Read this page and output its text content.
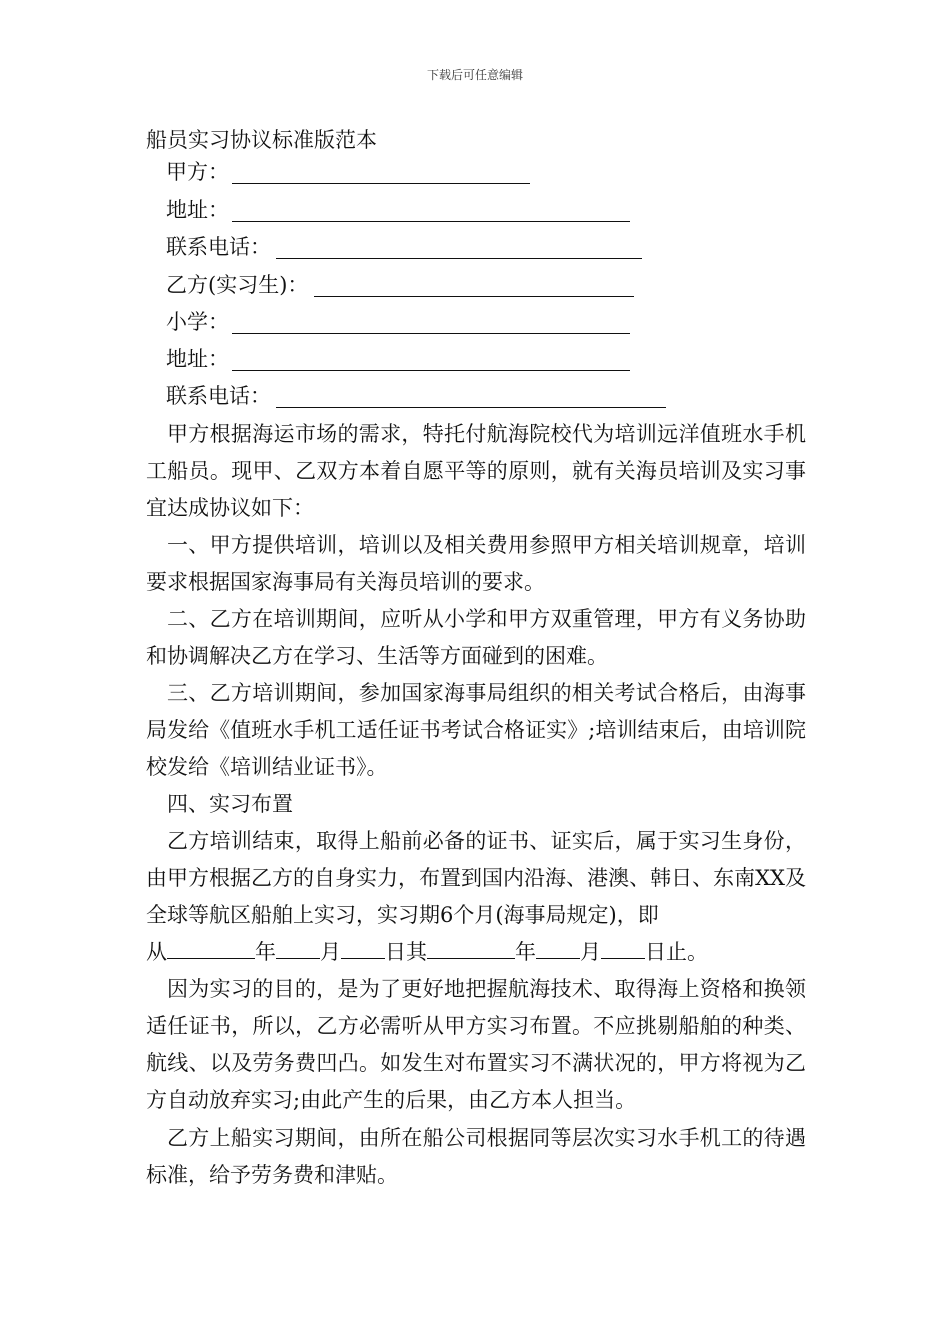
下载后可任意编辑
船员实习协议标准版范本
甲方：
地址：
联系电话：
乙方(实习生)：
小学：
地址：
联系电话：
甲方根据海运市场的需求，特托付航海院校代为培训远洋值班水手机工船员。现甲、乙双方本着自愿平等的原则，就有关海员培训及实习事宜达成协议如下：
一、甲方提供培训，培训以及相关费用参照甲方相关培训规章，培训要求根据国家海事局有关海员培训的要求。
二、乙方在培训期间，应听从小学和甲方双重管理，甲方有义务协助和协调解决乙方在学习、生活等方面碰到的困难。
三、乙方培训期间，参加国家海事局组织的相关考试合格后，由海事局发给《值班水手机工适任证书考试合格证实》;培训结束后，由培训院校发给《培训结业证书》。
四、实习布置
乙方培训结束，取得上船前必备的证书、证实后，属于实习生身份，由甲方根据乙方的自身实力，布置到国内沿海、港澳、韩日、东南XX及全球等航区船舶上实习，实习期6个月(海事局规定)，即
从	年 月 日其	年 月 日止。
因为实习的目的，是为了更好地把握航海技术、取得海上资格和换领适任证书，所以，乙方必需听从甲方实习布置。不应挑剔船舶的种类、航线、以及劳务费凹凸。如发生对布置实习不满状况的，甲方将视为乙方自动放弃实习;由此产生的后果，由乙方本人担当。
乙方上船实习期间，由所在船公司根据同等层次实习水手机工的待遇标准，给予劳务费和津贴。
